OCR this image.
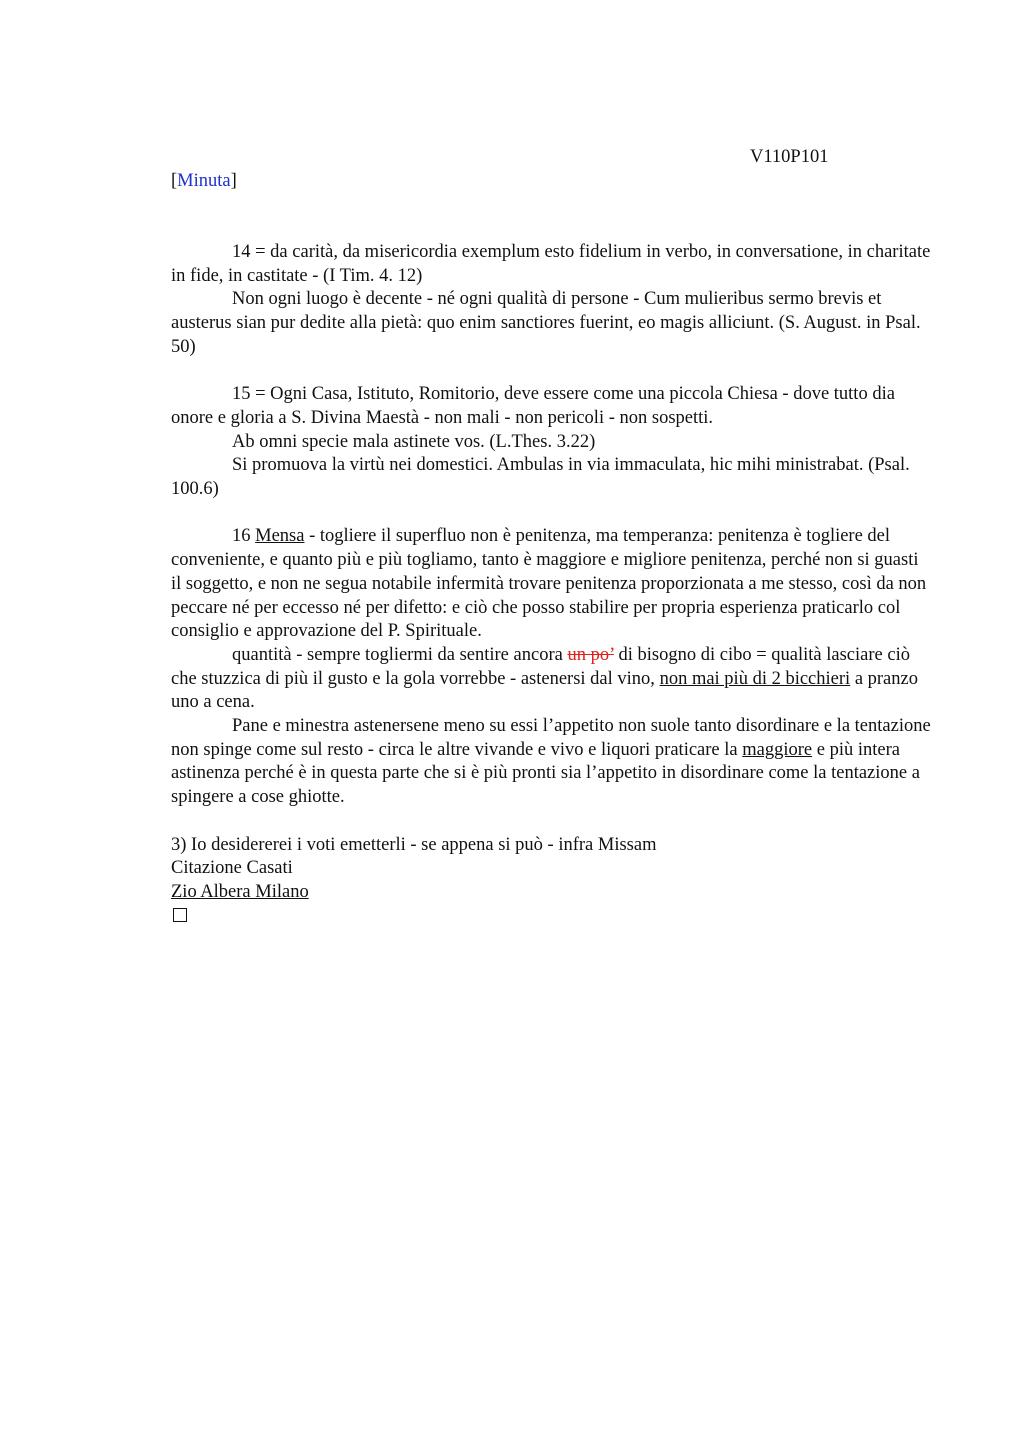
V110P101
[Minuta]

14 = da carità, da misericordia exemplum esto fidelium in verbo, in conversatione, in charitate in fide, in castitate - (I Tim. 4. 12)

Non ogni luogo è decente - né ogni qualità di persone - Cum mulieribus sermo brevis et austerus sian pur dedite alla pietà: quo enim sanctiores fuerint, eo magis alliciunt. (S. August. in Psal. 50)

15 = Ogni Casa, Istituto, Romitorio, deve essere come una piccola Chiesa - dove tutto dia onore e gloria a S. Divina Maestà - non mali - non pericoli - non sospetti.

Ab omni specie mala astinete vos. (L.Thes. 3.22)

Si promuova la virtù nei domestici. Ambulas in via immaculata, hic mihi ministrabat. (Psal. 100.6)

16 Mensa - togliere il superfluo non è penitenza, ma temperanza: penitenza è togliere del conveniente, e quanto più e più togliamo, tanto è maggiore e migliore penitenza, perché non si guasti il soggetto, e non ne segua notabile infermità trovare penitenza proporzionata a me stesso, così da non peccare né per eccesso né per difetto: e ciò che posso stabilire per propria esperienza praticarlo col consiglio e approvazione del P. Spirituale.

quantità - sempre togliermi da sentire ancora un po’ di bisogno di cibo = qualità lasciare ciò che stuzzica di più il gusto e la gola vorrebbe - astenersi dal vino, non mai più di 2 bicchieri a pranzo uno a cena.

Pane e minestra astenersene meno su essi l’appetito non suole tanto disordinare e la tentazione non spinge come sul resto - circa le altre vivande e vivo e liquori praticare la maggiore e più intera astinenza perché è in questa parte che si è più pronti sia l’appetito in disordinare come la tentazione a spingere a cose ghiotte.

3) Io desidererei i voti emetterli - se appena si può - infra Missam

Citazione Casati

Zio Albera Milano
